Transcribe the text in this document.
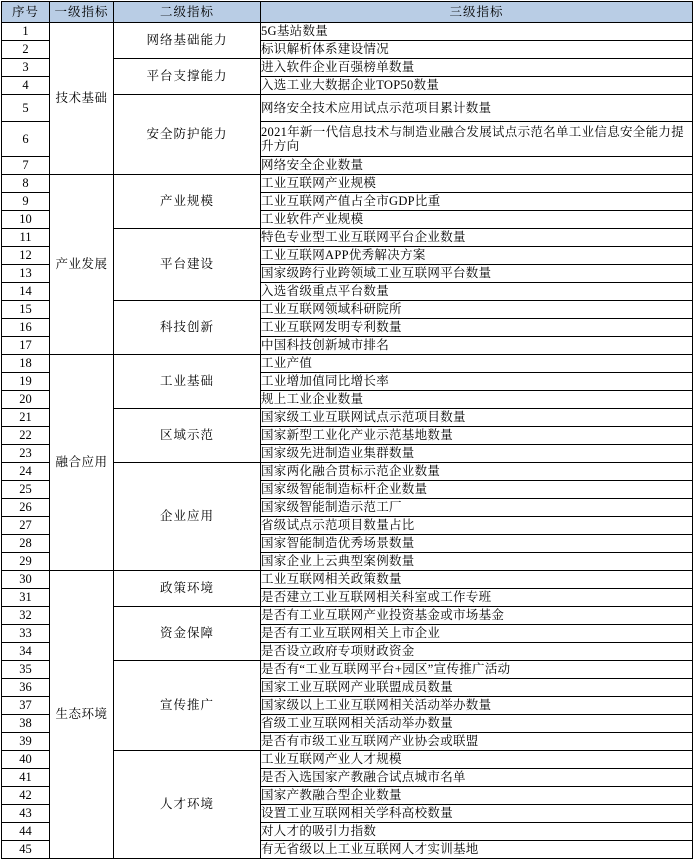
序号	一级指标	二级指标	三级指标
1	技术基础	网络基础能力	5G基站数量
2			标识解析体系建设情况
3		平台支撑能力	进入软件企业百强榜单数量
4			入选工业大数据企业TOP50数量
5		安全防护能力	网络安全技术应用试点示范项目累计数量
6			2021年新一代信息技术与制造业融合发展试点示范名单工业信息安全能力提升方向
7			网络安全企业数量
8	产业发展	产业规模	工业互联网产业规模
9			工业互联网产值占全市GDP比重
10			工业软件产业规模
11		平台建设	特色专业型工业互联网平台企业数量
12			工业互联网APP优秀解决方案
13			国家级跨行业跨领域工业互联网平台数量
14			入选省级重点平台数量
15		科技创新	工业互联网领域科研院所
16			工业互联网发明专利数量
17			中国科技创新城市排名
18	融合应用	工业基础	工业产值
19			工业增加值同比增长率
20			规上工业企业数量
21		区域示范	国家级工业互联网试点示范项目数量
22			国家新型工业化产业示范基地数量
23			国家级先进制造业集群数量
24		企业应用	国家两化融合贯标示范企业数量
25			国家级智能制造标杆企业数量
26			国家级智能制造示范工厂
27			省级试点示范项目数量占比
28			国家智能制造优秀场景数量
29			国家企业上云典型案例数量
30	生态环境	政策环境	工业互联网相关政策数量
31			是否建立工业互联网相关科室或工作专班
32		资金保障	是否有工业互联网产业投资基金或市场基金
33			是否有工业互联网相关上市企业
34			是否设立政府专项财政资金
35		宣传推广	是否有“工业互联网平台+园区”宣传推广活动
36			国家工业互联网产业联盟成员数量
37			国家级以上工业互联网相关活动举办数量
38			省级工业互联网相关活动举办数量
39			是否有市级工业互联网产业协会或联盟
40		人才环境	工业互联网产业人才规模
41			是否入选国家产教融合试点城市名单
42			国家产教融合型企业数量
43			设置工业互联网相关学科高校数量
44			对人才的吸引力指数
45			有无省级以上工业互联网人才实训基地
